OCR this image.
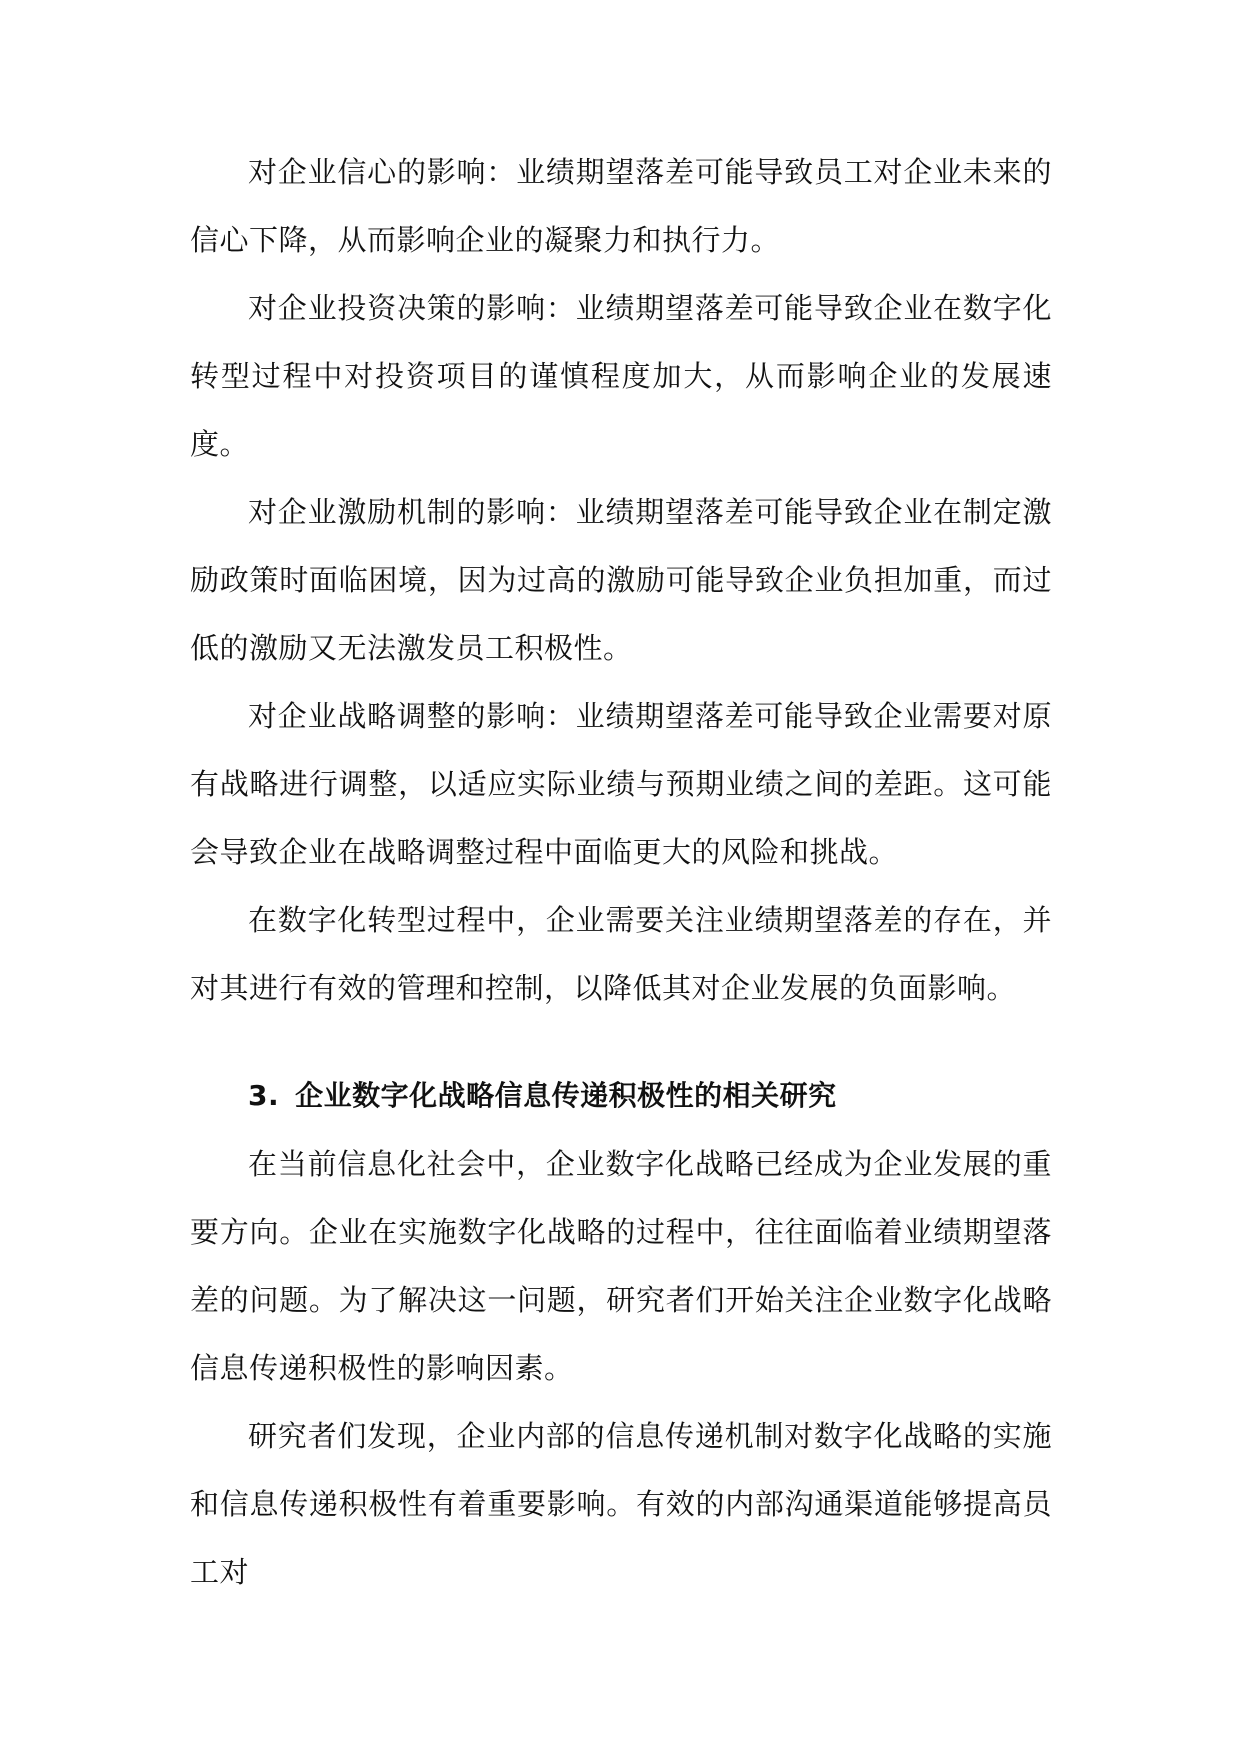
对企业信心的影响：业绩期望落差可能导致员工对企业未来的信心下降，从而影响企业的凝聚力和执行力。

对企业投资决策的影响：业绩期望落差可能导致企业在数字化转型过程中对投资项目的谨慎程度加大，从而影响企业的发展速度。

对企业激励机制的影响：业绩期望落差可能导致企业在制定激励政策时面临困境，因为过高的激励可能导致企业负担加重，而过低的激励又无法激发员工积极性。

对企业战略调整的影响：业绩期望落差可能导致企业需要对原有战略进行调整，以适应实际业绩与预期业绩之间的差距。这可能会导致企业在战略调整过程中面临更大的风险和挑战。

在数字化转型过程中，企业需要关注业绩期望落差的存在，并对其进行有效的管理和控制，以降低其对企业发展的负面影响。

3. 企业数字化战略信息传递积极性的相关研究

在当前信息化社会中，企业数字化战略已经成为企业发展的重要方向。企业在实施数字化战略的过程中，往往面临着业绩期望落差的问题。为了解决这一问题，研究者们开始关注企业数字化战略信息传递积极性的影响因素。

研究者们发现，企业内部的信息传递机制对数字化战略的实施和信息传递积极性有着重要影响。有效的内部沟通渠道能够提高员工对
